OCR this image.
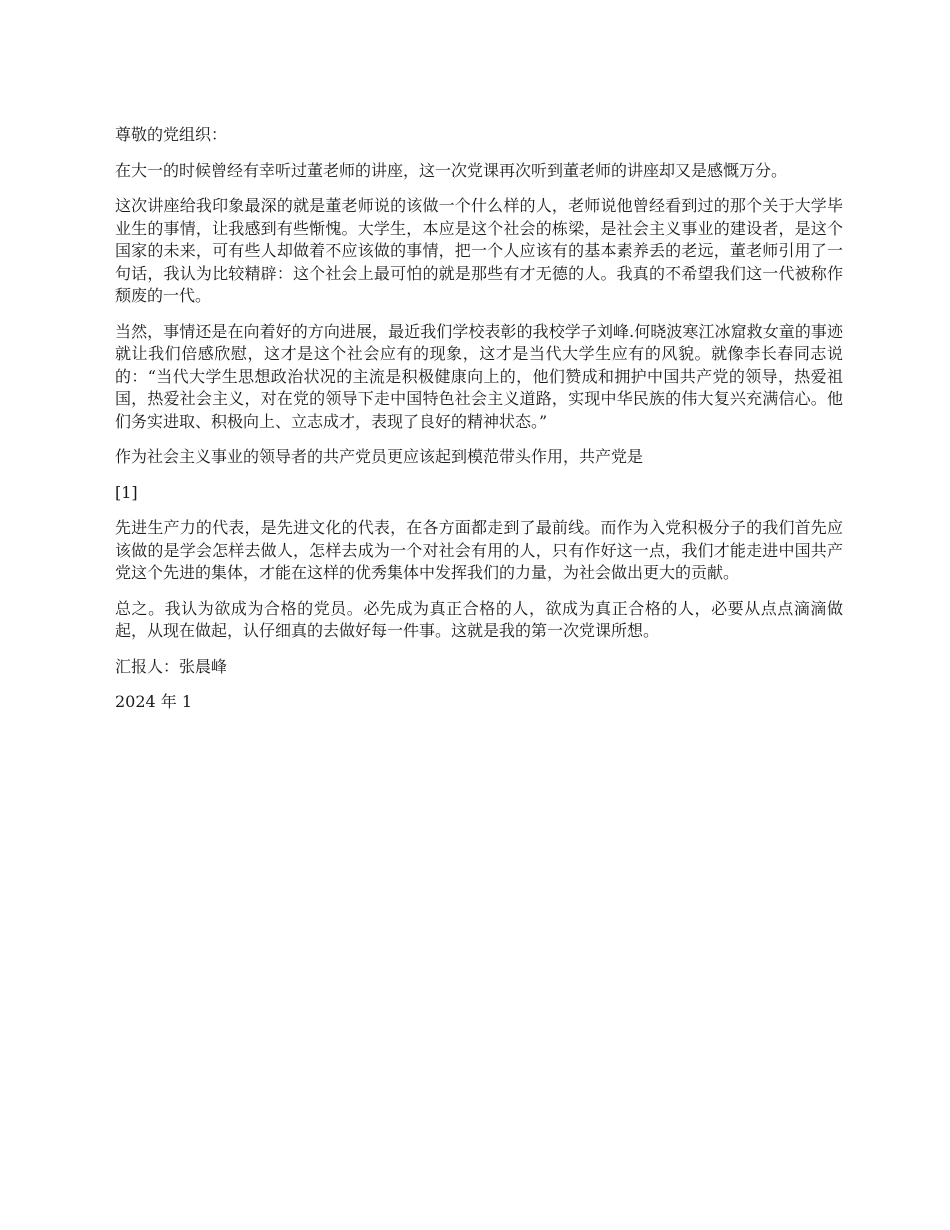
尊敬的党组织：

在大一的时候曾经有幸听过董老师的讲座，这一次党课再次听到董老师的讲座却又是感慨万分。

这次讲座给我印象最深的就是董老师说的该做一个什么样的人，老师说他曾经看到过的那个关于大学毕业生的事情，让我感到有些惭愧。大学生，本应是这个社会的栋梁，是社会主义事业的建设者，是这个国家的未来，可有些人却做着不应该做的事情，把一个人应该有的基本素养丢的老远，董老师引用了一句话，我认为比较精辟：这个社会上最可怕的就是那些有才无德的人。我真的不希望我们这一代被称作颓废的一代。

当然，事情还是在向着好的方向进展，最近我们学校表彰的我校学子刘峰.何晓波寒江冰窟救女童的事迹就让我们倍感欣慰，这才是这个社会应有的现象，这才是当代大学生应有的风貌。就像李长春同志说的：“当代大学生思想政治状况的主流是积极健康向上的，他们赞成和拥护中国共产党的领导，热爱祖国，热爱社会主义，对在党的领导下走中国特色社会主义道路，实现中华民族的伟大复兴充满信心。他们务实进取、积极向上、立志成才，表现了良好的精神状态。”

作为社会主义事业的领导者的共产党员更应该起到模范带头作用，共产党是

[1]

先进生产力的代表，是先进文化的代表，在各方面都走到了最前线。而作为入党积极分子的我们首先应该做的是学会怎样去做人，怎样去成为一个对社会有用的人，只有作好这一点，我们才能走进中国共产党这个先进的集体，才能在这样的优秀集体中发挥我们的力量，为社会做出更大的贡献。

总之。我认为欲成为合格的党员。必先成为真正合格的人，欲成为真正合格的人，必要从点点滴滴做起，从现在做起，认仔细真的去做好每一件事。这就是我的第一次党课所想。

汇报人：张晨峰

2024 年 1
